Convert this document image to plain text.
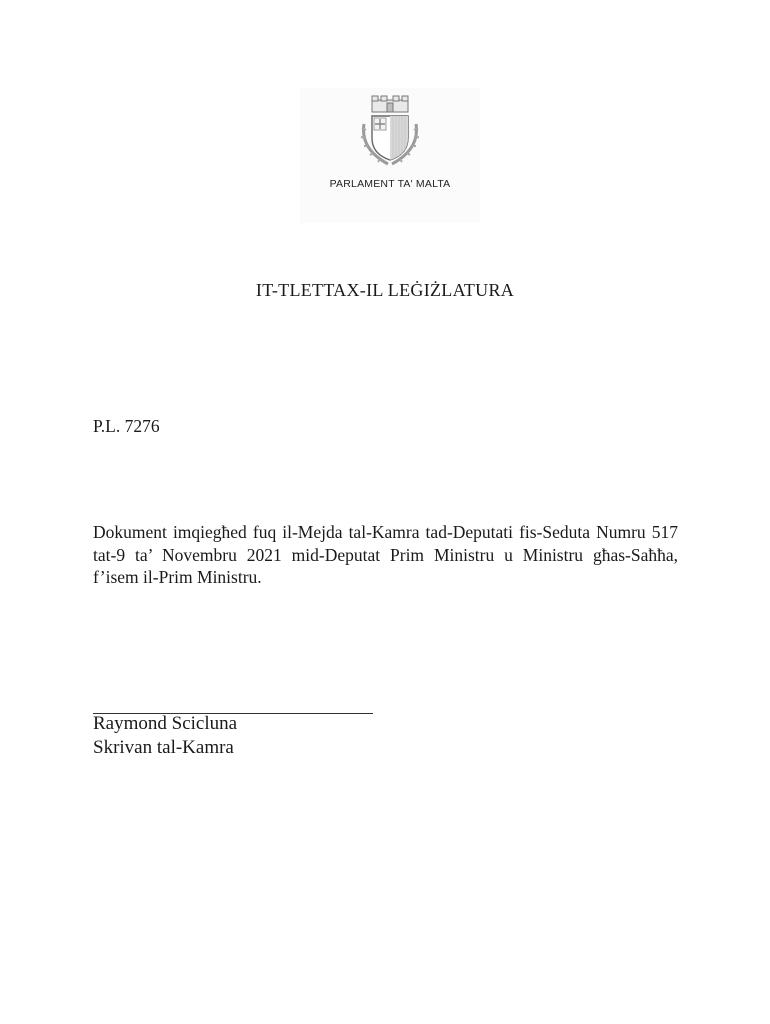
PARLAMENT TA' MALTA
IT-TLETTAX-IL LEĠIŻLATURA
P.L. 7276
Dokument imqiegħed fuq il-Mejda tal-Kamra tad-Deputati fis-Seduta Numru 517 tat-9 ta’ Novembru 2021 mid-Deputat Prim Ministru u Ministru għas-Saħħa, f’isem il-Prim Ministru.
Raymond Scicluna
Skrivan tal-Kamra
